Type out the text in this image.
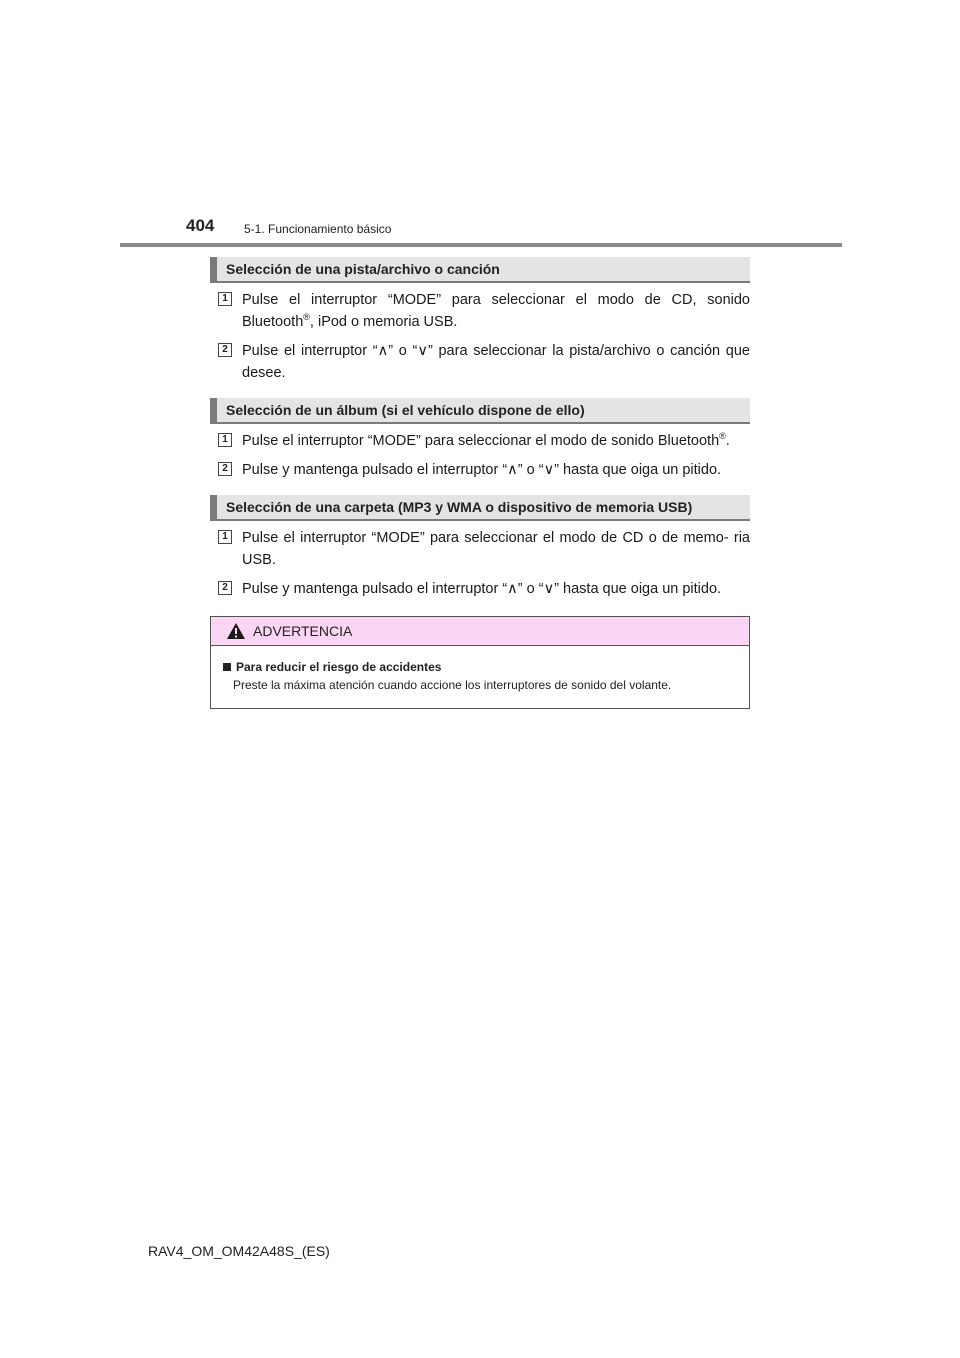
404 5-1. Funcionamiento básico
Selección de una pista/archivo o canción
1 Pulse el interruptor “MODE” para seleccionar el modo de CD, sonido Bluetooth®, iPod o memoria USB.
2 Pulse el interruptor “∧” o “∨” para seleccionar la pista/archivo o canción que desee.
Selección de un álbum (si el vehículo dispone de ello)
1 Pulse el interruptor “MODE” para seleccionar el modo de sonido Bluetooth®.
2 Pulse y mantenga pulsado el interruptor “∧” o “∨” hasta que oiga un pitido.
Selección de una carpeta (MP3 y WMA o dispositivo de memoria USB)
1 Pulse el interruptor “MODE” para seleccionar el modo de CD o de memo- ria USB.
2 Pulse y mantenga pulsado el interruptor “∧” o “∨” hasta que oiga un pitido.
ADVERTENCIA
Para reducir el riesgo de accidentes
Preste la máxima atención cuando accione los interruptores de sonido del volante.
RAV4_OM_OM42A48S_(ES)
